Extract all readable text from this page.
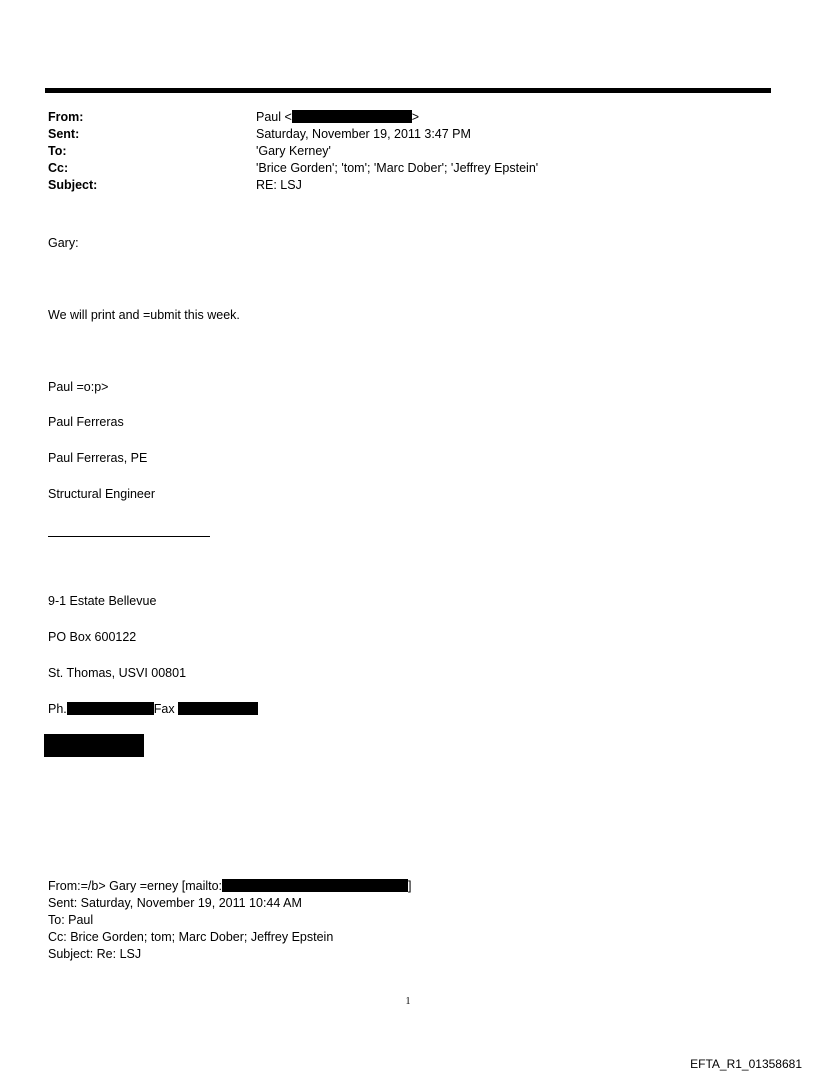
From:	Paul <	>
Sent:	Saturday, November 19, 2011 3:47 PM
To:	'Gary Kerney'
Cc:	'Brice Gorden'; 'tom'; 'Marc Dober'; 'Jeffrey Epstein'
Subject:	RE: LSJ
Gary:
We will print and =ubmit this week.
Paul =o:p>
Paul Ferreras
Paul Ferreras, PE
Structural Engineer
9-1 Estate Bellevue
PO Box 600122
St. Thomas, USVI 00801
Ph.	Fax
From:=/b> Gary =erney [mailto:	]
Sent: Saturday, November 19, 2011 10:44 AM
To: Paul
Cc: Brice Gorden; tom; Marc Dober; Jeffrey Epstein
Subject: Re: LSJ
1
EFTA_R1_01358681
